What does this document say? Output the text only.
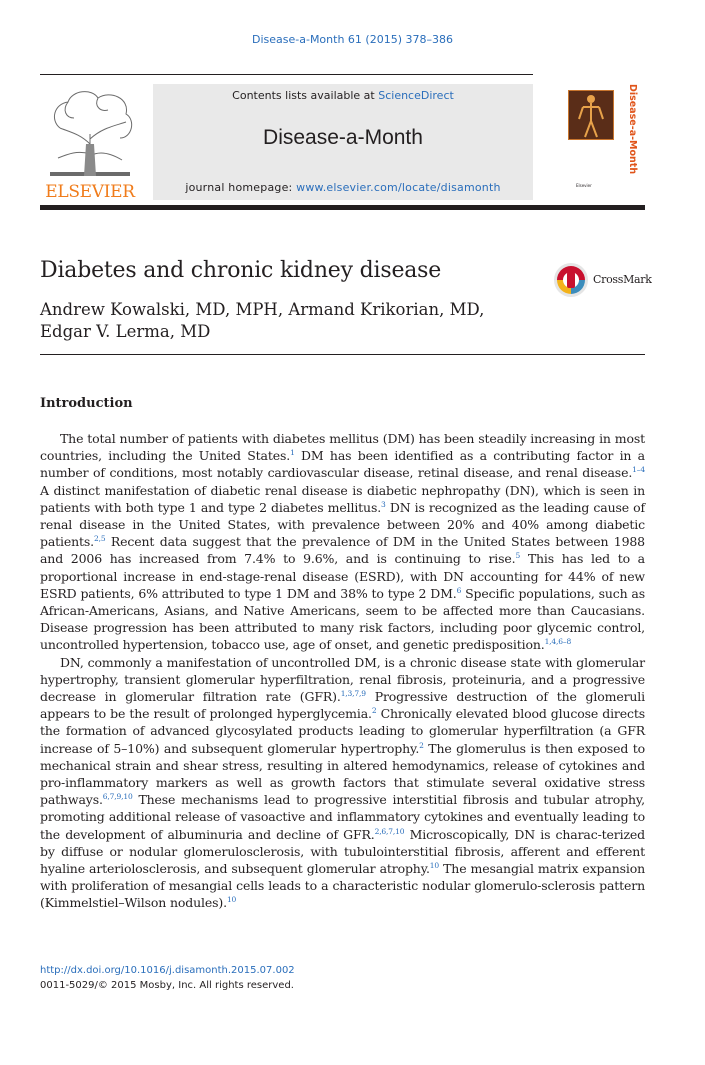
Disease-a-Month 61 (2015) 378–386
ELSEVIER
Contents lists available at ScienceDirect
Disease-a-Month
journal homepage: www.elsevier.com/locate/disamonth
Disease-a-Month
Elsevier
Diabetes and chronic kidney disease	CrossMark
Andrew Kowalski, MD, MPH, Armand Krikorian, MD,
Edgar V. Lerma, MD
Introduction

The total number of patients with diabetes mellitus (DM) has been steadily increasing in most countries, including the United States.$^1$ DM has been identified as a contributing factor in a number of conditions, most notably cardiovascular disease, retinal disease, and renal disease.$^{1-4}$ A distinct manifestation of diabetic renal disease is diabetic nephropathy (DN), which is seen in patients with both type 1 and type 2 diabetes mellitus.$^3$ DN is recognized as the leading cause of renal disease in the United States, with prevalence between 20% and 40% among diabetic patients.$^{2,5}$ Recent data suggest that the prevalence of DM in the United States between 1988 and 2006 has increased from 7.4% to 9.6%, and is continuing to rise.$^5$ This has led to a proportional increase in end-stage-renal disease (ESRD), with DN accounting for 44% of new ESRD patients, 6% attributed to type 1 DM and 38% to type 2 DM.$^6$ Specific populations, such as African-Americans, Asians, and Native Americans, seem to be affected more than Caucasians. Disease progression has been attributed to many risk factors, including poor glycemic control, uncontrolled hypertension, tobacco use, age of onset, and genetic predisposition.$^{1,4,6-8}$

DN, commonly a manifestation of uncontrolled DM, is a chronic disease state with glomerular hypertrophy, transient glomerular hyperfiltration, renal fibrosis, proteinuria, and a progressive decrease in glomerular filtration rate (GFR).$^{1,3,7,9}$ Progressive destruction of the glomeruli appears to be the result of prolonged hyperglycemia.$^2$ Chronically elevated blood glucose directs the formation of advanced glycosylated products leading to glomerular hyperfiltration (a GFR increase of 5–10%) and subsequent glomerular hypertrophy.$^2$ The glomerulus is then exposed to mechanical strain and shear stress, resulting in altered hemodynamics, release of cytokines and pro-inflammatory markers as well as growth factors that stimulate several oxidative stress pathways.$^{6,7,9,10}$ These mechanisms lead to progressive interstitial fibrosis and tubular atrophy, promoting additional release of vasoactive and inflammatory cytokines and eventually leading to the development of albuminuria and decline of GFR.$^{2,6,7,10}$ Microscopically, DN is charac-terized by diffuse or nodular glomerulosclerosis, with tubulointerstitial fibrosis, afferent and efferent hyaline arteriolosclerosis, and subsequent glomerular atrophy.$^{10}$ The mesangial matrix expansion with proliferation of mesangial cells leads to a characteristic nodular glomerulo-sclerosis pattern (Kimmelstiel–Wilson nodules).$^{10}$

http://dx.doi.org/10.1016/j.disamonth.2015.07.002
0011-5029/© 2015 Mosby, Inc. All rights reserved.
